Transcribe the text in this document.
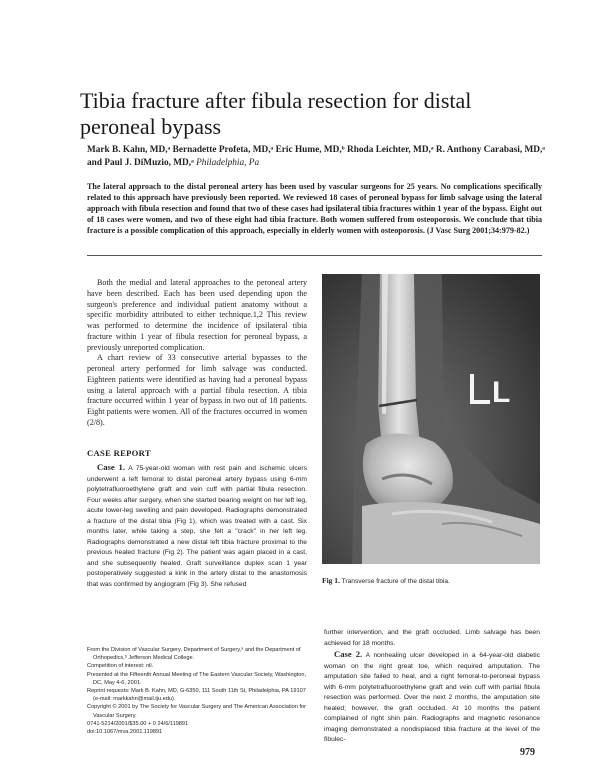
Tibia fracture after fibula resection for distal peroneal bypass
Mark B. Kahn, MD,ᵃ Bernadette Profeta, MD,ᵃ Eric Hume, MD,ᵇ Rhoda Leichter, MD,ᵃ R. Anthony Carabasi, MD,ᵃ and Paul J. DiMuzio, MD,ᵃ Philadelphia, Pa
The lateral approach to the distal peroneal artery has been used by vascular surgeons for 25 years. No complications specifically related to this approach have previously been reported. We reviewed 18 cases of peroneal bypass for limb salvage using the lateral approach with fibula resection and found that two of these cases had ipsilateral tibia fractures within 1 year of the bypass. Eight out of 18 cases were women, and two of these eight had tibia fracture. Both women suffered from osteoporosis. We conclude that tibia fracture is a possible complication of this approach, especially in elderly women with osteoporosis. (J Vasc Surg 2001;34:979-82.)

Both the medial and lateral approaches to the peroneal artery have been described. Each has been used depending upon the surgeon's preference and individual patient anatomy without a specific morbidity attributed to either technique.1,2 This review was performed to determine the incidence of ipsilateral tibia fracture within 1 year of fibula resection for peroneal bypass, a previously unreported complication.

A chart review of 33 consecutive arterial bypasses to the peroneal artery performed for limb salvage was conducted. Eighteen patients were identified as having had a peroneal bypass using a lateral approach with a partial fibula resection. A tibia fracture occurred within 1 year of bypass in two out of 18 patients. Eight patients were women. All of the fractures occurred in women (2/8).

CASE REPORT

Case 1. A 75-year-old woman with rest pain and ischemic ulcers underwent a left femoral to distal peroneal artery bypass using 6-mm polytetrafluoroethylene graft and vein cuff with partial fibula resection. Four weeks after surgery, when she started bearing weight on her left leg, acute lower-leg swelling and pain developed. Radiographs demonstrated a fracture of the distal tibia (Fig 1), which was treated with a cast. Six months later, while taking a step, she felt a "crack" in her left leg. Radiographs demonstrated a new distal left tibia fracture proximal to the previous healed fracture (Fig 2). The patient was again placed in a cast, and she subsequently healed. Graft surveillance duplex scan 1 year postoperatively suggested a kink in the artery distal to the anastomosis that was confirmed by angiogram (Fig 3). She refused

From the Division of Vascular Surgery, Department of Surgery,ᵃ and the Department of Orthopedics,ᵇ Jefferson Medical College.
Competition of interest: nil.
Presented at the Fifteenth Annual Meeting of The Eastern Vascular Society, Washington, DC, May 4-6, 2001.
Reprint requests: Mark B. Kahn, MD, G-6350, 111 South 11th St, Philadelphia, PA 19107 (e-mail: markkahn@mail.tju.edu).
Copyright © 2001 by The Society for Vascular Surgery and The American Association for Vascular Surgery.
0741-5214/2001/$35.00 + 0 24/6/119891
doi:10.1067/mva.2001.119891
L
Fig 1. Transverse fracture of the distal tibia.

further intervention, and the graft occluded. Limb salvage has been achieved for 18 months.

Case 2. A nonhealing ulcer developed in a 64-year-old diabetic woman on the right great toe, which required amputation. The amputation site failed to heal, and a right femoral-to-peroneal bypass with 6-mm polytetrafluoroethylene graft and vein cuff with partial fibula resection was performed. Over the next 2 months, the amputation site healed; however, the graft occluded. At 10 months the patient complained of right shin pain. Radiographs and magnetic resonance imaging demonstrated a nondisplaced tibia fracture at the level of the fibulec-

979
